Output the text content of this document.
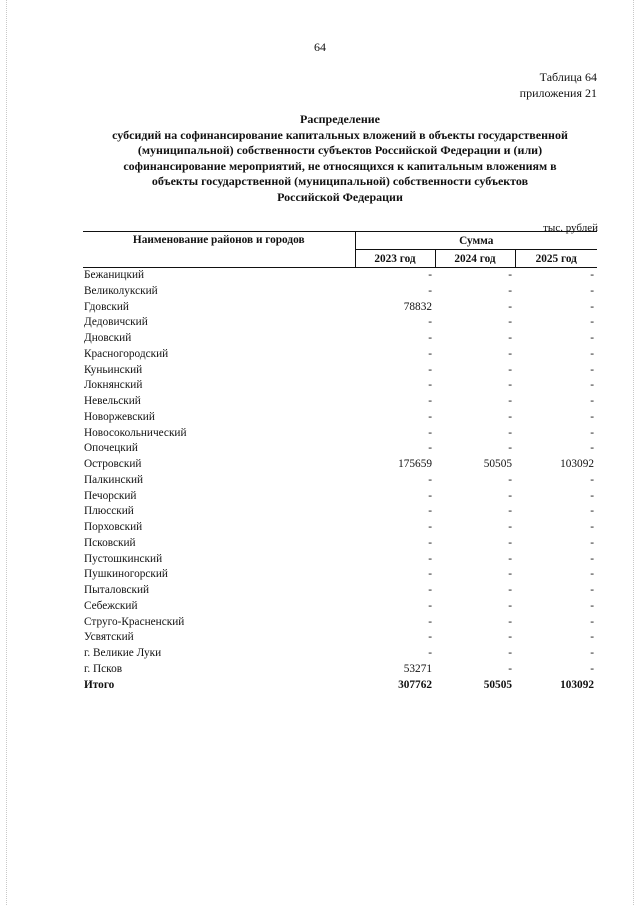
64
Таблица 64
приложения 21
Распределение
субсидий на софинансирование капитальных вложений в объекты государственной
(муниципальной) собственности субъектов Российской Федерации и (или)
софинансирование мероприятий, не относящихся к капитальным вложениям в
объекты государственной (муниципальной) собственности субъектов
Российской Федерации
тыс. рублей
Наименование районов и городов	Сумма		
	2023 год	2024 год	2025 год
Бежаницкий	-	-	-
Великолукский	-	-	-
Гдовский	78832	-	-
Дедовичский	-	-	-
Дновский	-	-	-
Красногородский	-	-	-
Куньинский	-	-	-
Локнянский	-	-	-
Невельский	-	-	-
Новоржевский	-	-	-
Новосокольнический	-	-	-
Опочецкий	-	-	-
Островский	175659	50505	103092
Палкинский	-	-	-
Печорский	-	-	-
Плюсский	-	-	-
Порховский	-	-	-
Псковский	-	-	-
Пустошкинский	-	-	-
Пушкиногорский	-	-	-
Пыталовский	-	-	-
Себежский	-	-	-
Струго-Красненский	-	-	-
Усвятский	-	-	-
г. Великие Луки	-	-	-
г. Псков	53271	-	-
Итого	307762	50505	103092
